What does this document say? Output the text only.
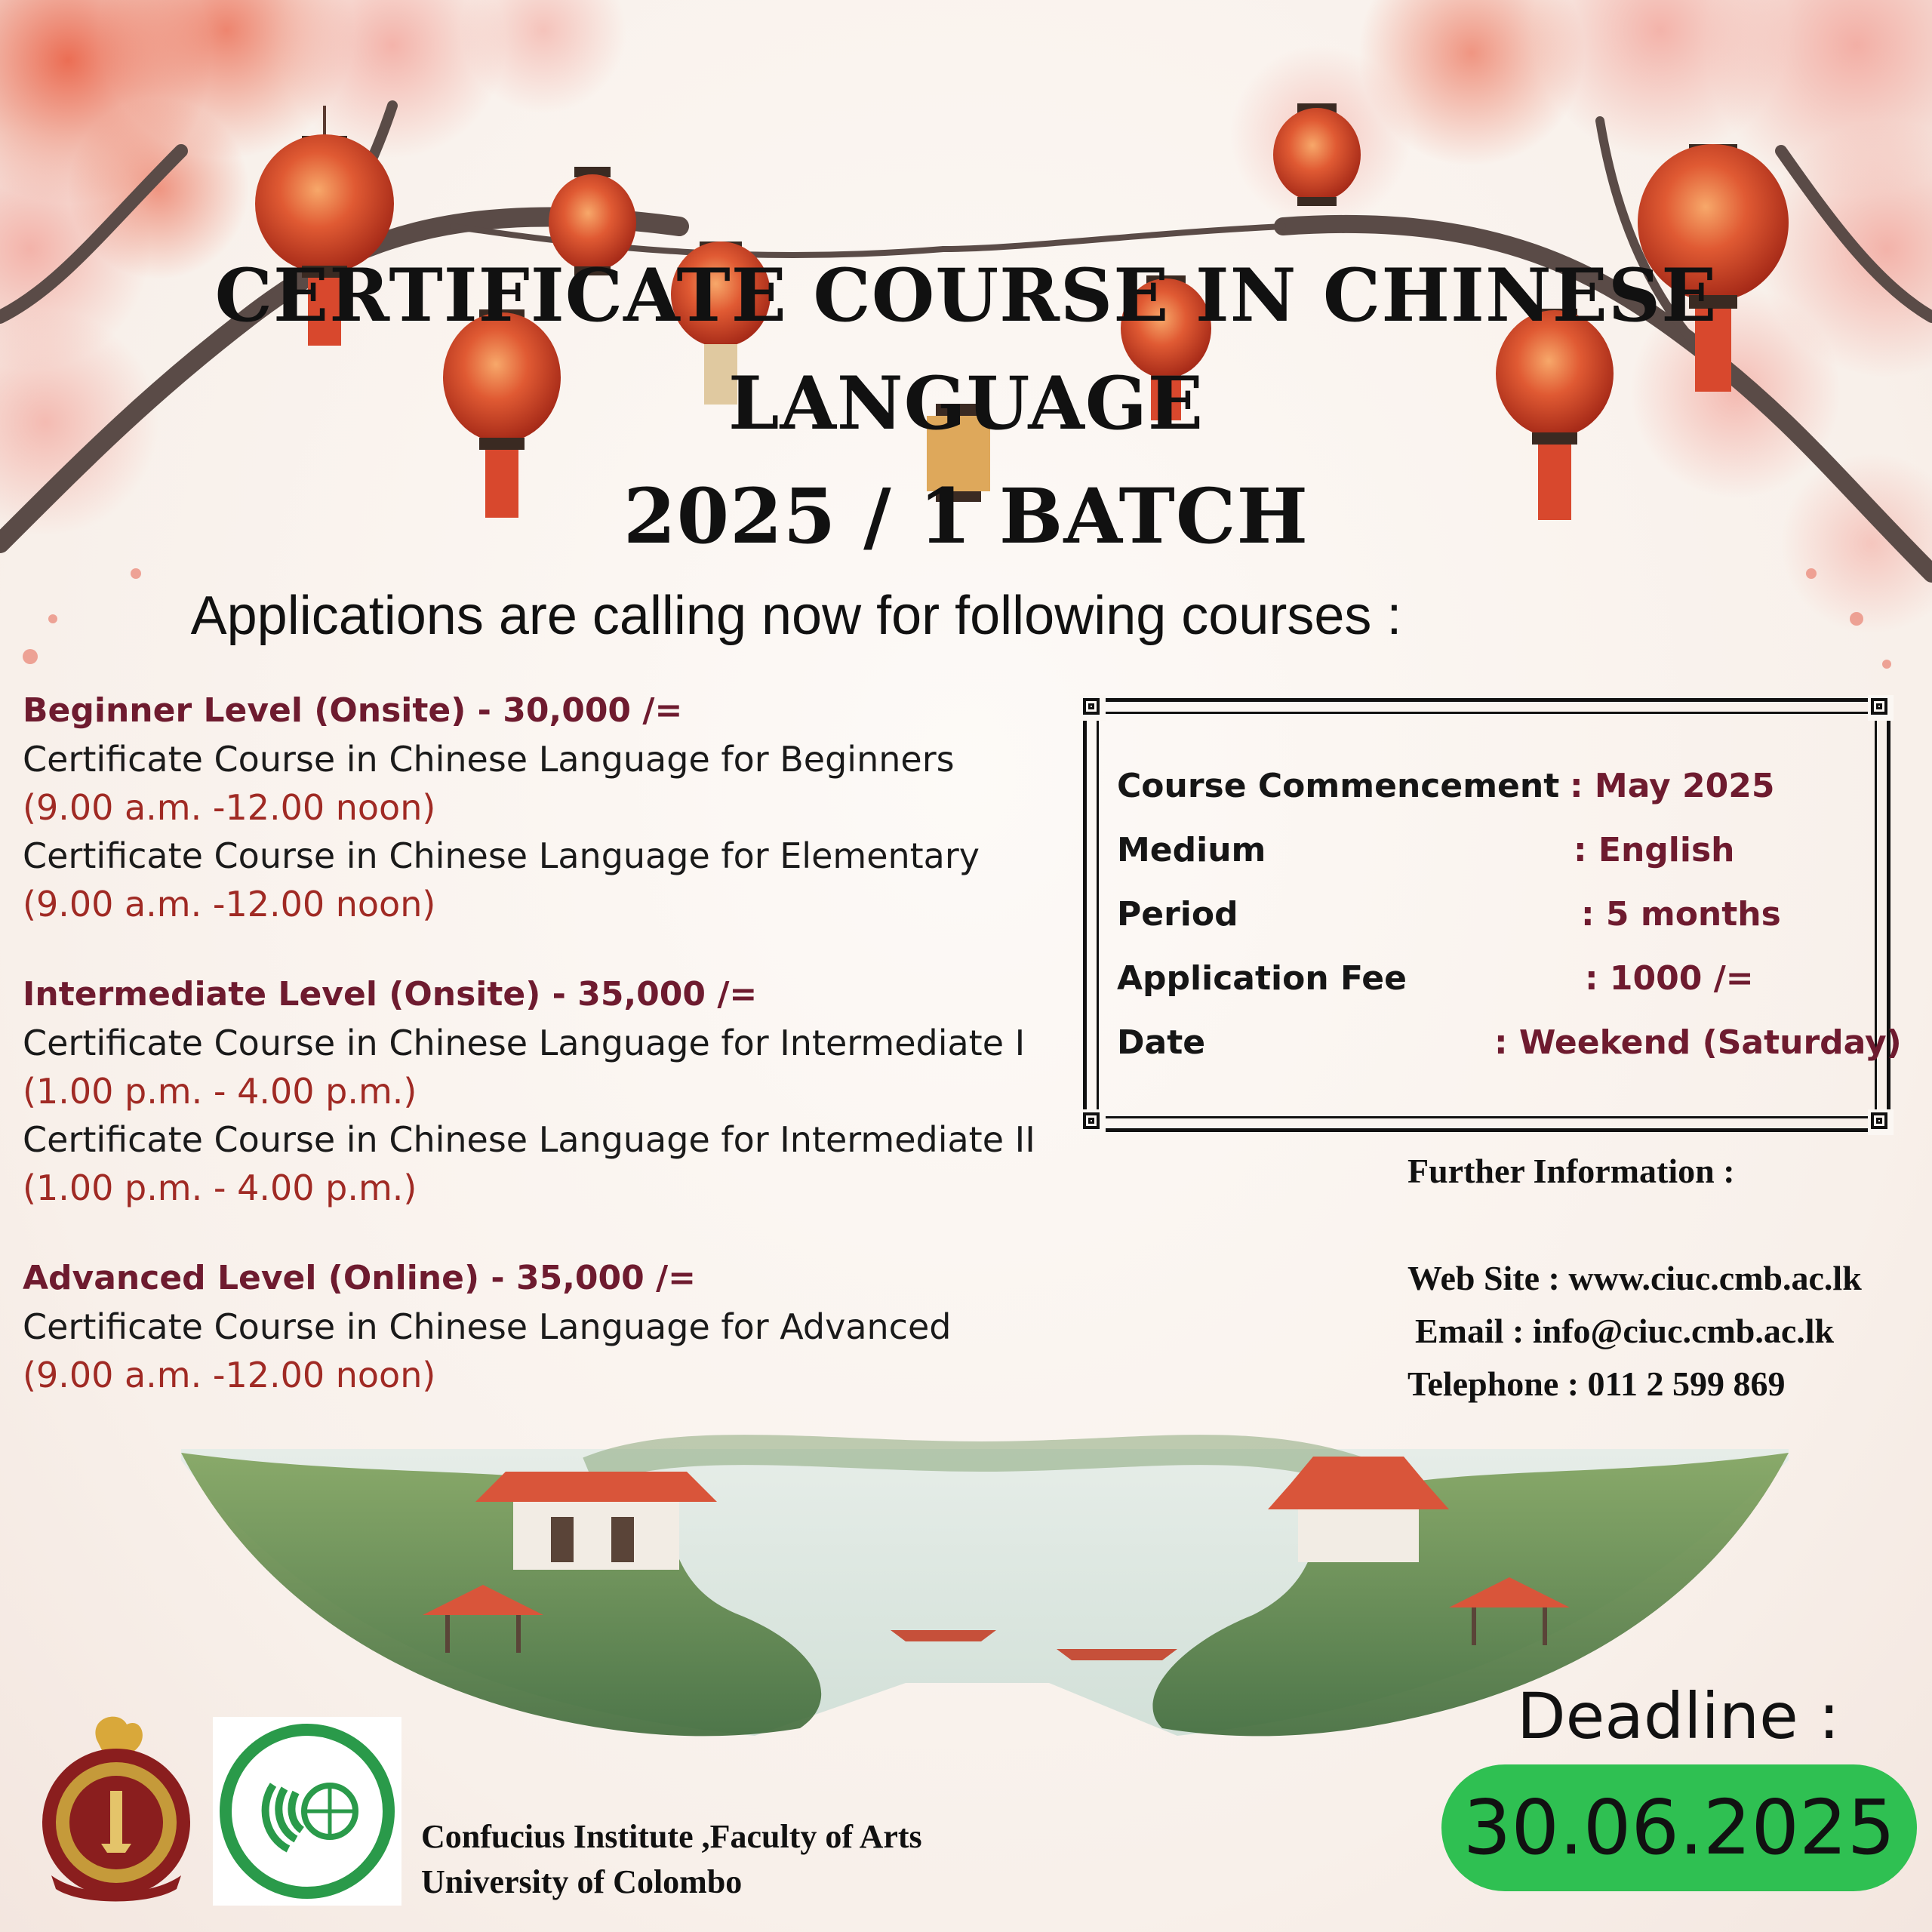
CERTIFICATE COURSE IN CHINESE
LANGUAGE
2025 / 1 BATCH
Applications are calling now for following courses :
Beginner Level (Onsite) - 30,000 /=
Certificate Course in Chinese Language for Beginners
(9.00 a.m. -12.00 noon)
Certificate Course in Chinese Language for Elementary
(9.00 a.m. -12.00 noon)
Intermediate Level (Onsite) - 35,000 /=
Certificate Course in Chinese Language for Intermediate I
(1.00 p.m. - 4.00 p.m.)
Certificate Course in Chinese Language for Intermediate II
(1.00 p.m. - 4.00 p.m.)
Advanced Level (Online) - 35,000 /=
Certificate Course in Chinese Language for Advanced
(9.00 a.m. -12.00 noon)
Course Commencement : May 2025
Medium	: English
Period	: 5 months
Application Fee	: 1000 /=
Date	: Weekend (Saturday)
Further Information :
Web Site : www.ciuc.cmb.ac.lk
Email : info@ciuc.cmb.ac.lk
Telephone : 011 2 599 869
Confucius Institute ,Faculty of Arts
University of Colombo
Deadline :
30.06.2025
